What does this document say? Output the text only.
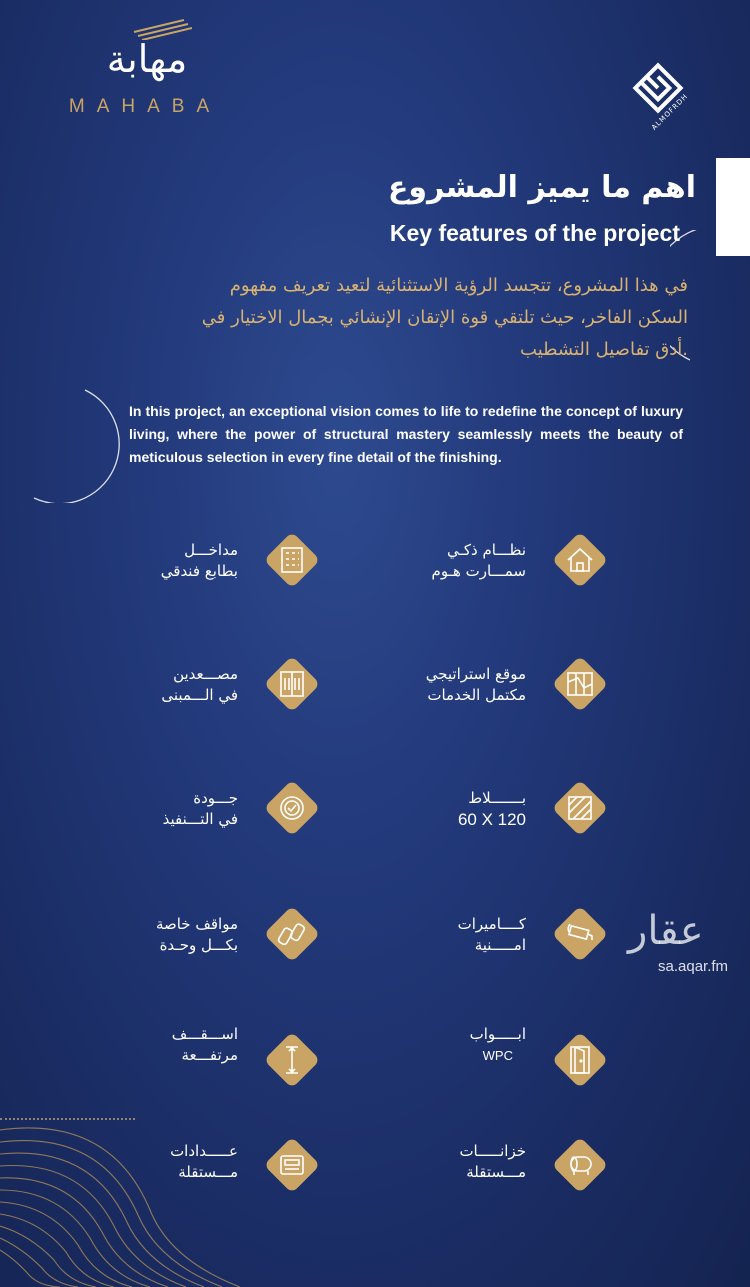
مهابة
MAHABA	ALMOFRDH
اهم ما يميز المشروع
Key features of the project
في هذا المشروع، تتجسد الرؤية الاستثنائية لتعيد تعريف مفهوم
السكن الفاخر، حيث تلتقي قوة الإتقان الإنشائي بجمال الاختيار في
.أدق تفاصيل التشطيب
In this project, an exceptional vision comes to life to redefine the concept of luxury living, where the power of structural mastery seamlessly meets the beauty of meticulous selection in every fine detail of the finishing.
مداخـــل
بطابع فندقي
نظـــام ذكـي
سمـــارت هـوم
مصـــعدين
في الـــمبنى
موقع استراتيجي
مكتمل الخدمات
جـــودة
في التـــنفيذ
بـــــــلاط
60 X 120
مواقف خاصة
بكـــل وحـدة
كــــاميرات
امـــــنية
اســـقـــف
مرتفـــعة
ابـــــواب
WPC
عـــــدادات
مـــستقلة
خزانـــــات
مـــستقلة
عقار
sa.aqar.fm
